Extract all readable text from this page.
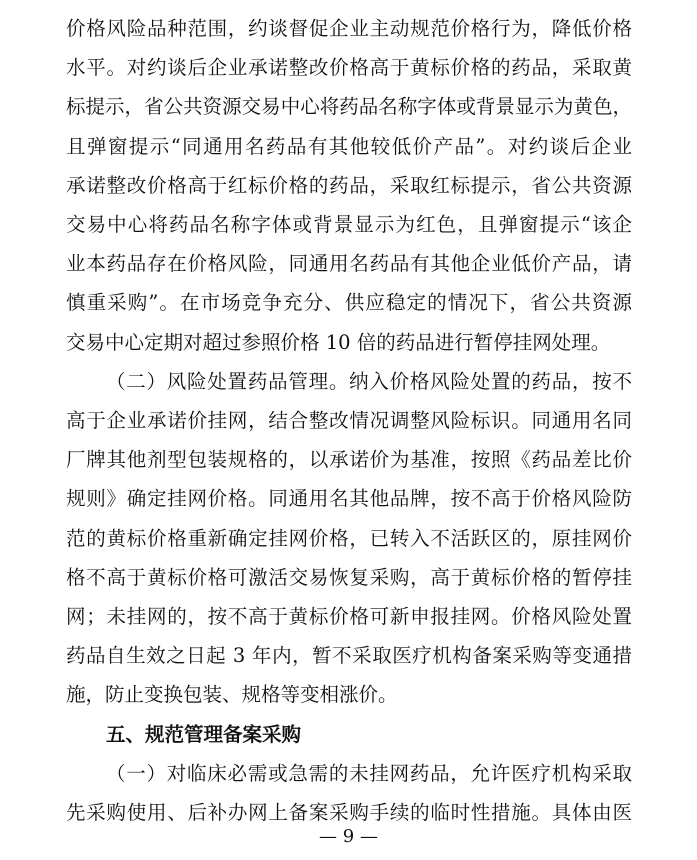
价格风险品种范围，约谈督促企业主动规范价格行为，降低价格
水平。对约谈后企业承诺整改价格高于黄标价格的药品，采取黄
标提示，省公共资源交易中心将药品名称字体或背景显示为黄色，
且弹窗提示“同通用名药品有其他较低价产品”。对约谈后企业
承诺整改价格高于红标价格的药品，采取红标提示，省公共资源
交易中心将药品名称字体或背景显示为红色，且弹窗提示“该企
业本药品存在价格风险，同通用名药品有其他企业低价产品，请
慎重采购”。在市场竞争充分、供应稳定的情况下，省公共资源
交易中心定期对超过参照价格 10 倍的药品进行暂停挂网处理。
（二）风险处置药品管理。纳入价格风险处置的药品，按不
高于企业承诺价挂网，结合整改情况调整风险标识。同通用名同
厂牌其他剂型包装规格的，以承诺价为基准，按照《药品差比价
规则》确定挂网价格。同通用名其他品牌，按不高于价格风险防
范的黄标价格重新确定挂网价格，已转入不活跃区的，原挂网价
格不高于黄标价格可激活交易恢复采购，高于黄标价格的暂停挂
网；未挂网的，按不高于黄标价格可新申报挂网。价格风险处置
药品自生效之日起 3 年内，暂不采取医疗机构备案采购等变通措
施，防止变换包装、规格等变相涨价。
五、规范管理备案采购
（一）对临床必需或急需的未挂网药品，允许医疗机构采取
先采购使用、后补办网上备案采购手续的临时性措施。具体由医
— 9 —
